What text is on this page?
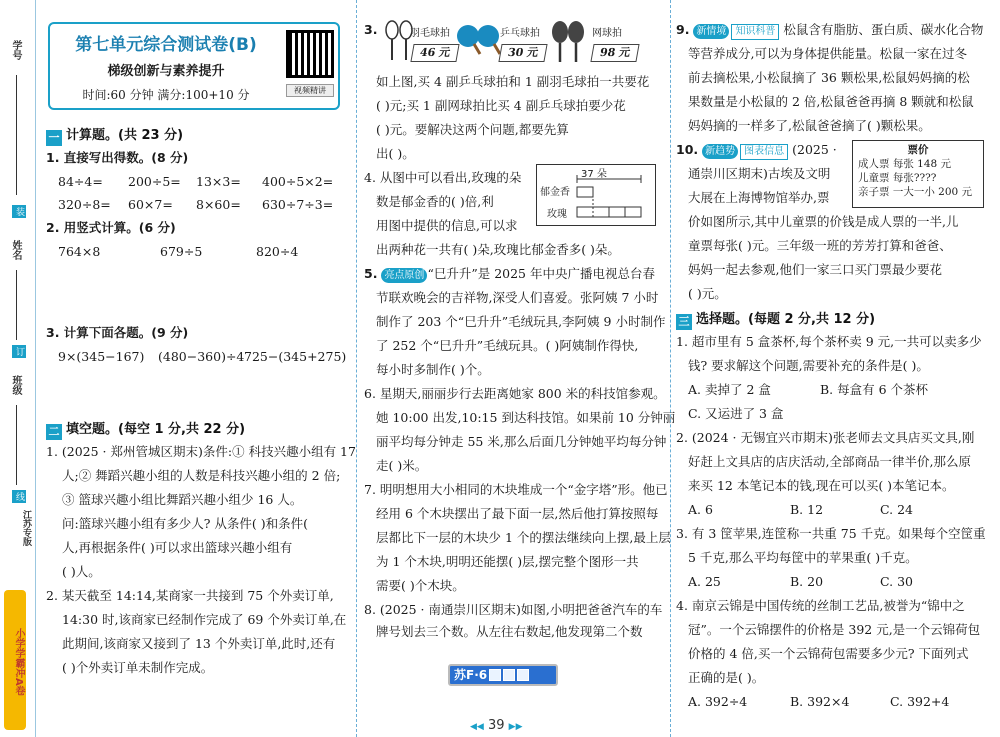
学号
装
姓名
订
班级
线
江苏专版
小学学霸冲A卷
第七单元综合测试卷(B)
梯级创新与素养提升
时间:60 分钟 满分:100+10 分	视频精讲
一 计算题。(共 23 分)
1. 直接写出得数。(8 分)
84÷4= 200÷5= 13×3= 400÷5×2=
320÷8= 60×7= 8×60= 630÷7÷3=
2. 用竖式计算。(6 分)
764×8	679÷5	820÷4
3. 计算下面各题。(9 分)
9×(345−167) (480−360)÷4 725−(345+275)
二 填空题。(每空 1 分,共 22 分)
1. (2025 · 郑州管城区期末)条件:① 科技兴趣小组有 17
人;② 舞蹈兴趣小组的人数是科技兴趣小组的 2 倍;
③ 篮球兴趣小组比舞蹈兴趣小组少 16 人。
问:篮球兴趣小组有多少人? 从条件( )和条件(
人,再根据条件( )可以求出篮球兴趣小组有
( )人。
2. 某天截至 14:14,某商家一共接到 75 个外卖订单,
14:30 时,该商家已经制作完成了 69 个外卖订单,在
此期间,该商家又接到了 13 个外卖订单,此时,还有
( )个外卖订单未制作完成。
3.	羽毛球拍
46 元
乒乓球拍
30 元
网球拍
98 元
如上图,买 4 副乒乓球拍和 1 副羽毛球拍一共要花
( )元;买 1 副网球拍比买 4 副乒乓球拍要少花
( )元。要解决这两个问题,都要先算
出( )。
4. 从图中可以看出,玫瑰的朵
数是郁金香的( )倍,利
用图中提供的信息,可以求
出两种花一共有( )朵,玫瑰比郁金香多( )朵。
37 朵
郁金香
玫瑰
5. 亮点原创 “巳升升”是 2025 年中央广播电视总台春
节联欢晚会的吉祥物,深受人们喜爱。张阿姨 7 小时
制作了 203 个“巳升升”毛绒玩具,李阿姨 9 小时制作
了 252 个“巳升升”毛绒玩具。( )阿姨制作得快,
每小时多制作( )个。
6. 星期天,丽丽步行去距离她家 800 米的科技馆参观。
她 10:00 出发,10:15 到达科技馆。如果前 10 分钟丽
丽平均每分钟走 55 米,那么后面几分钟她平均每分钟
走( )米。
7. 明明想用大小相同的木块堆成一个“金字塔”形。他已
经用 6 个木块摆出了最下面一层,然后他打算按照每
层都比下一层的木块少 1 个的摆法继续向上摆,最上层
为 1 个木块,明明还能摆( )层,摆完整个图形一共
需要( )个木块。
8. (2025 · 南通崇川区期末)如图,小明把爸爸汽车的车
牌号划去三个数。从左往右数起,他发现第二个数
苏F·6
◀◀ 39 ▶▶
9. 新情境 知识科普 松鼠含有脂肪、蛋白质、碳水化合物
等营养成分,可以为身体提供能量。松鼠一家在过冬
前去摘松果,小松鼠摘了 36 颗松果,松鼠妈妈摘的松
果数量是小松鼠的 2 倍,松鼠爸爸再摘 8 颗就和松鼠
妈妈摘的一样多了,松鼠爸爸摘了( )颗松果。
10. 新趋势 图表信息 (2025 ·
通崇川区期末)古埃及文明
大展在上海博物馆举办,票
价如图所示,其中儿童票的价钱是成人票的一半,儿
童票每张( )元。三年级一班的芳芳打算和爸爸、
妈妈一起去参观,他们一家三口买门票最少要花
( )元。
票价
成人票 每张 148 元
儿童票 每张????
亲子票 一大一小 200 元
三 选择题。(每题 2 分,共 12 分)
1. 超市里有 5 盒茶杯,每个茶杯卖 9 元,一共可以卖多少
钱? 要求解这个问题,需要补充的条件是( )。
A. 卖掉了 2 盒	B. 每盒有 6 个茶杯
C. 又运进了 3 盒
2. (2024 · 无锡宜兴市期末)张老师去文具店买文具,刚
好赶上文具店的店庆活动,全部商品一律半价,那么原
来买 12 本笔记本的钱,现在可以买( )本笔记本。
A. 6	B. 12	C. 24
3. 有 3 筐苹果,连筐称一共重 75 千克。如果每个空筐重
5 千克,那么平均每筐中的苹果重( )千克。
A. 25	B. 20	C. 30
4. 南京云锦是中国传统的丝制工艺品,被誉为“锦中之
冠”。一个云锦摆件的价格是 392 元,是一个云锦荷包
价格的 4 倍,买一个云锦荷包需要多少元? 下面列式
正确的是( )。
A. 392÷4	B. 392×4	C. 392+4
